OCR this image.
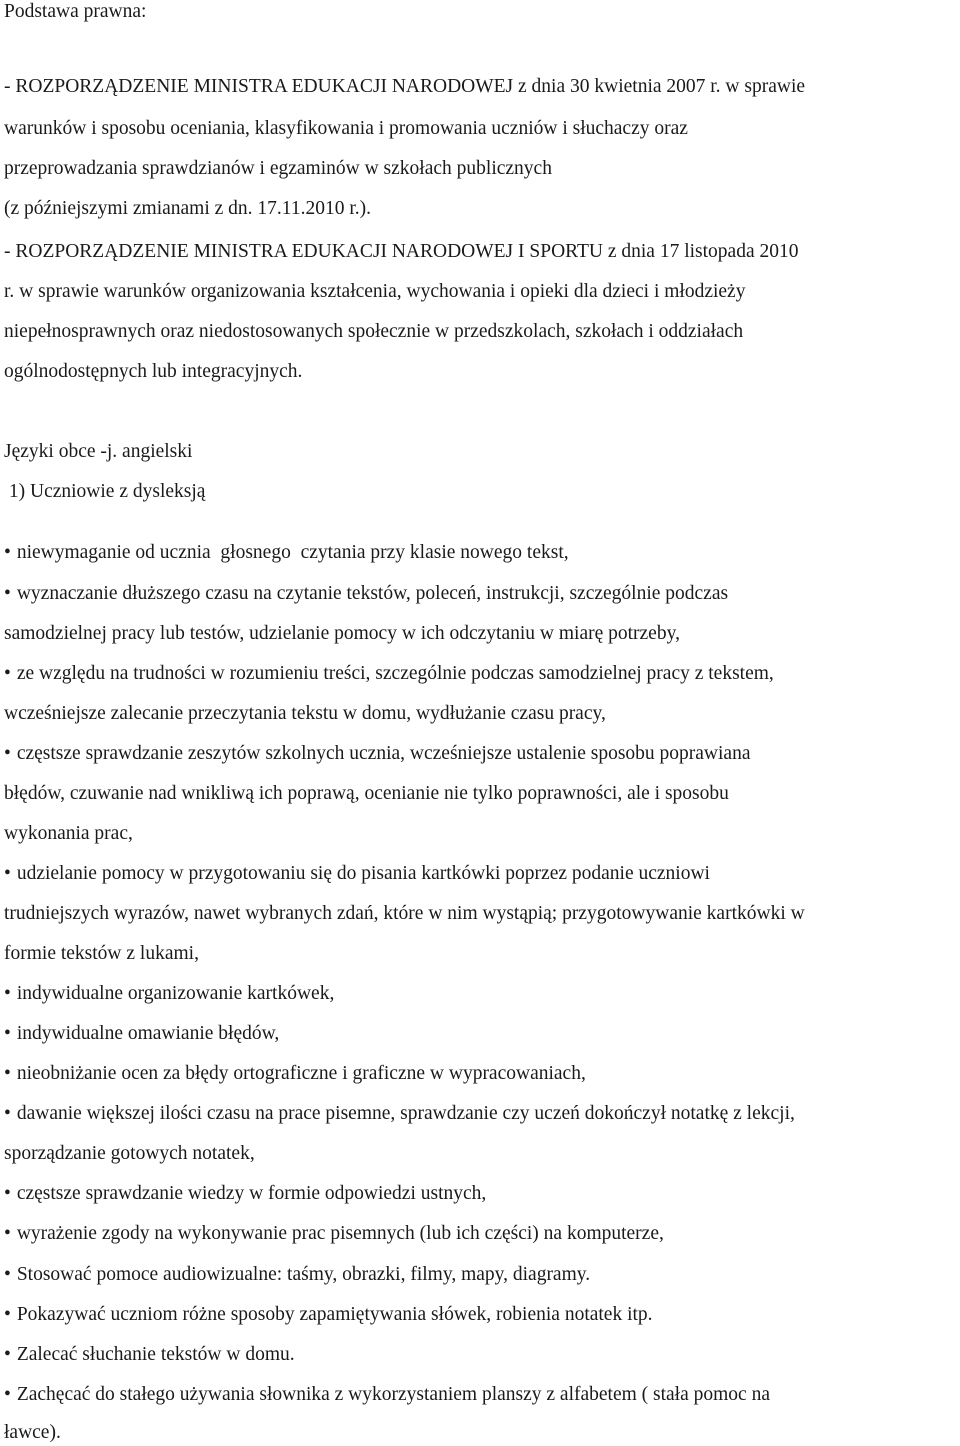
Podstawa prawna:
- ROZPORZĄDZENIE MINISTRA EDUKACJI NARODOWEJ z dnia 30 kwietnia 2007 r. w sprawie
warunków i sposobu oceniania, klasyfikowania i promowania uczniów i słuchaczy oraz
przeprowadzania sprawdzianów i egzaminów w szkołach publicznych
(z późniejszymi zmianami z dn. 17.11.2010 r.).
- ROZPORZĄDZENIE MINISTRA EDUKACJI NARODOWEJ I SPORTU z dnia 17 listopada 2010
r. w sprawie warunków organizowania kształcenia, wychowania i opieki dla dzieci i młodzieży
niepełnosprawnych oraz niedostosowanych społecznie w przedszkolach, szkołach i oddziałach
ogólnodostępnych lub integracyjnych.
Języki obce -j. angielski
1) Uczniowie z dysleksją
• niewymaganie od ucznia  głosnego  czytania przy klasie nowego tekst,
• wyznaczanie dłuższego czasu na czytanie tekstów, poleceń, instrukcji, szczególnie podczas
samodzielnej pracy lub testów, udzielanie pomocy w ich odczytaniu w miarę potrzeby,
• ze względu na trudności w rozumieniu treści, szczególnie podczas samodzielnej pracy z tekstem,
wcześniejsze zalecanie przeczytania tekstu w domu, wydłużanie czasu pracy,
• częstsze sprawdzanie zeszytów szkolnych ucznia, wcześniejsze ustalenie sposobu poprawiana
błędów, czuwanie nad wnikliwą ich poprawą, ocenianie nie tylko poprawności, ale i sposobu
wykonania prac,
• udzielanie pomocy w przygotowaniu się do pisania kartkówki poprzez podanie uczniowi
trudniejszych wyrazów, nawet wybranych zdań, które w nim wystąpią; przygotowywanie kartkówki w
formie tekstów z lukami,
• indywidualne organizowanie kartkówek,
• indywidualne omawianie błędów,
• nieobniżanie ocen za błędy ortograficzne i graficzne w wypracowaniach,
• dawanie większej ilości czasu na prace pisemne, sprawdzanie czy uczeń dokończył notatkę z lekcji,
sporządzanie gotowych notatek,
• częstsze sprawdzanie wiedzy w formie odpowiedzi ustnych,
• wyrażenie zgody na wykonywanie prac pisemnych (lub ich części) na komputerze,
• Stosować pomoce audiowizualne: taśmy, obrazki, filmy, mapy, diagramy.
• Pokazywać uczniom różne sposoby zapamiętywania słówek, robienia notatek itp.
• Zalecać słuchanie tekstów w domu.
• Zachęcać do stałego używania słownika z wykorzystaniem planszy z alfabetem ( stała pomoc na
ławce).
